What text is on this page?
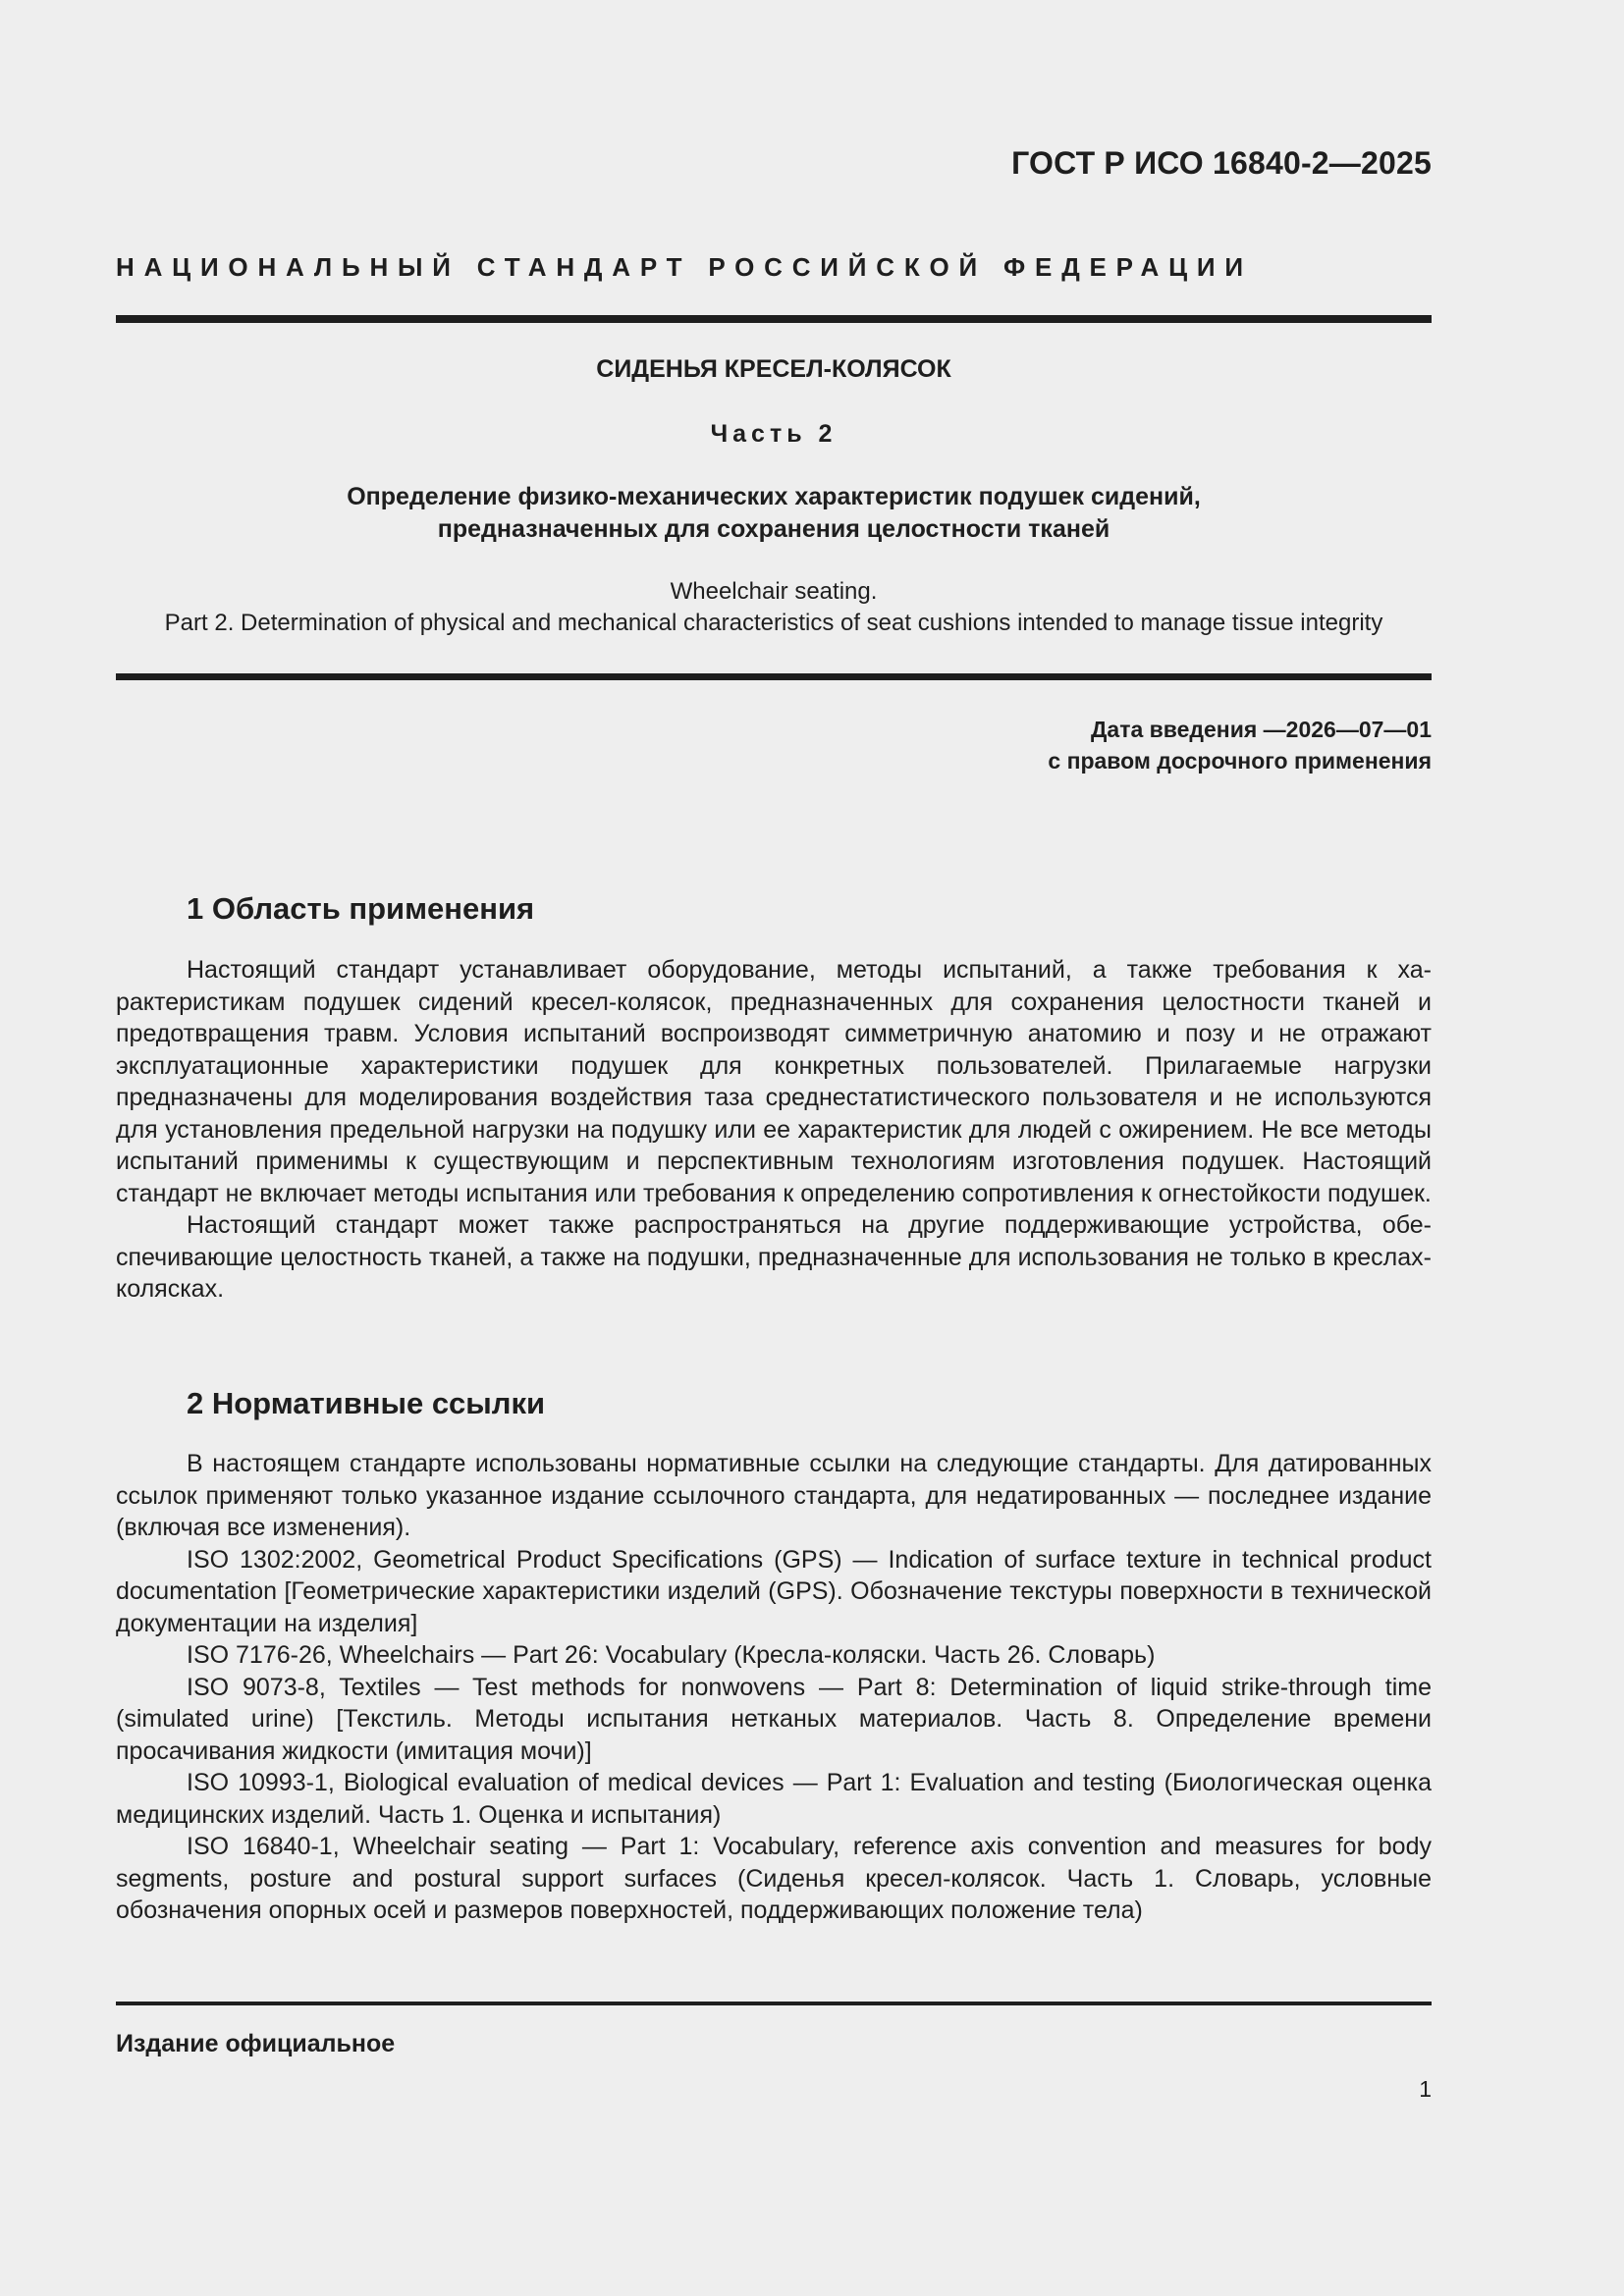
ГОСТ Р ИСО 16840-2—2025
НАЦИОНАЛЬНЫЙ СТАНДАРТ РОССИЙСКОЙ ФЕДЕРАЦИИ
СИДЕНЬЯ КРЕСЕЛ-КОЛЯСОК
Часть 2
Определение физико-механических характеристик подушек сидений,
предназначенных для сохранения целостности тканей
Wheelchair seating.
Part 2. Determination of physical and mechanical characteristics of seat cushions intended to manage tissue integrity
Дата введения —2026—07—01
с правом досрочного применения
1 Область применения

Настоящий стандарт устанавливает оборудование, методы испытаний, а также требования к характеристикам подушек сидений кресел-колясок, предназначенных для сохранения целостности тканей и предотвращения травм. Условия испытаний воспроизводят симметричную анатомию и позу и не отражают эксплуатационные характеристики подушек для конкретных пользователей. Прилагаемые нагрузки предназначены для моделирования воздействия таза среднестатистического пользователя и не используются для установления предельной нагрузки на подушку или ее характеристик для людей с ожирением. Не все методы испытаний применимы к существующим и перспективным технологиям изготовления подушек. Настоящий стандарт не включает методы испытания или требования к определению сопротивления к огнестойкости подушек.

Настоящий стандарт может также распространяться на другие поддерживающие устройства, обеспечивающие целостность тканей, а также на подушки, предназначенные для использования не только в креслах-колясках.

2 Нормативные ссылки

В настоящем стандарте использованы нормативные ссылки на следующие стандарты. Для датированных ссылок применяют только указанное издание ссылочного стандарта, для недатированных — последнее издание (включая все изменения).

ISO 1302:2002, Geometrical Product Specifications (GPS) — Indication of surface texture in technical product documentation [Геометрические характеристики изделий (GPS). Обозначение текстуры поверхности в технической документации на изделия]

ISO 7176-26, Wheelchairs — Part 26: Vocabulary (Кресла-коляски. Часть 26. Словарь)

ISO 9073-8, Textiles — Test methods for nonwovens — Part 8: Determination of liquid strike-through time (simulated urine) [Текстиль. Методы испытания нетканых материалов. Часть 8. Определение времени просачивания жидкости (имитация мочи)]

ISO 10993-1, Biological evaluation of medical devices — Part 1: Evaluation and testing (Биологическая оценка медицинских изделий. Часть 1. Оценка и испытания)

ISO 16840-1, Wheelchair seating — Part 1: Vocabulary, reference axis convention and measures for body segments, posture and postural support surfaces (Сиденья кресел-колясок. Часть 1. Словарь, условные обозначения опорных осей и размеров поверхностей, поддерживающих положение тела)

Издание официальное
1
